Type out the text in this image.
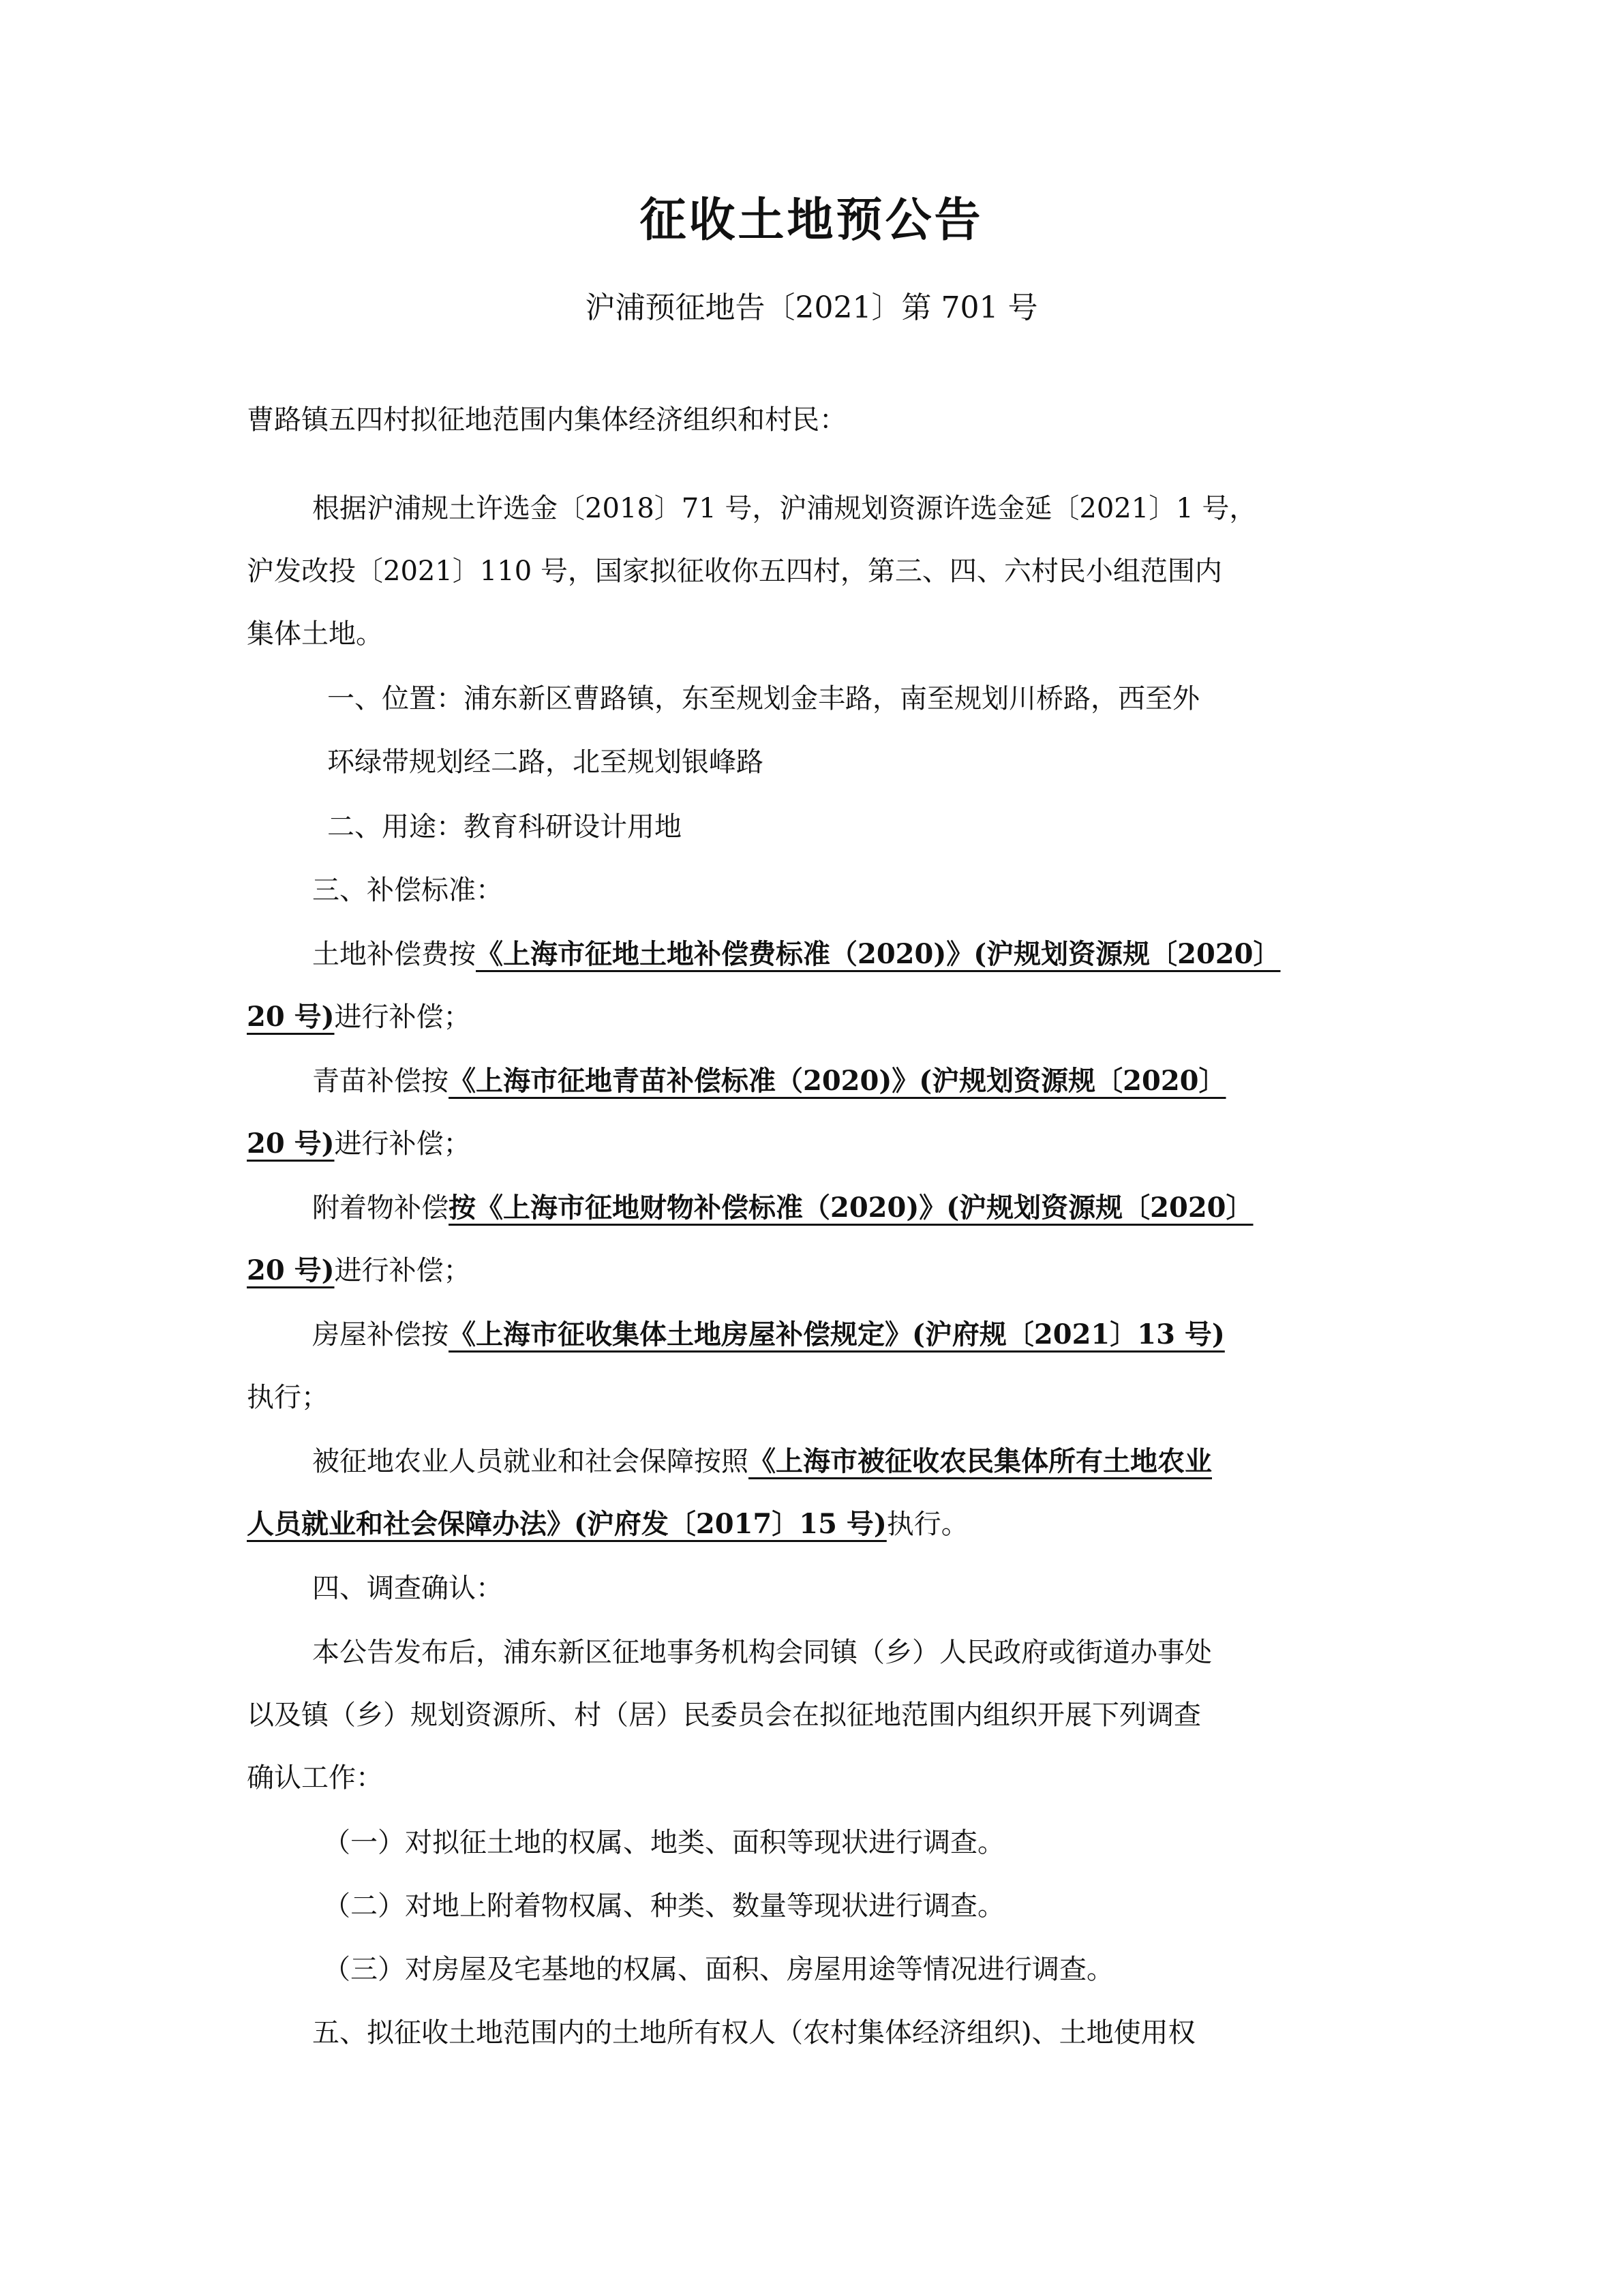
征收土地预公告
沪浦预征地告〔2021〕第 701 号
曹路镇五四村拟征地范围内集体经济组织和村民：
根据沪浦规土许选金〔2018〕71 号，沪浦规划资源许选金延〔2021〕1 号，
沪发改投〔2021〕110 号，国家拟征收你五四村，第三、四、六村民小组范围内
集体土地。
一、位置：浦东新区曹路镇，东至规划金丰路，南至规划川桥路，西至外
环绿带规划经二路，北至规划银峰路
二、用途：教育科研设计用地
三、补偿标准：
土地补偿费按《上海市征地土地补偿费标准（2020)》(沪规划资源规〔2020〕
20 号)进行补偿；
青苗补偿按《上海市征地青苗补偿标准（2020)》(沪规划资源规〔2020〕
20 号)进行补偿；
附着物补偿按《上海市征地财物补偿标准（2020)》(沪规划资源规〔2020〕
20 号)进行补偿；
房屋补偿按《上海市征收集体土地房屋补偿规定》(沪府规〔2021〕13 号)
执行；
被征地农业人员就业和社会保障按照《上海市被征收农民集体所有土地农业
人员就业和社会保障办法》(沪府发〔2017〕15 号)执行。
四、调查确认：
本公告发布后，浦东新区征地事务机构会同镇（乡）人民政府或街道办事处
以及镇（乡）规划资源所、村（居）民委员会在拟征地范围内组织开展下列调查
确认工作：
（一）对拟征土地的权属、地类、面积等现状进行调查。
（二）对地上附着物权属、种类、数量等现状进行调查。
（三）对房屋及宅基地的权属、面积、房屋用途等情况进行调查。
五、拟征收土地范围内的土地所有权人（农村集体经济组织)、土地使用权
